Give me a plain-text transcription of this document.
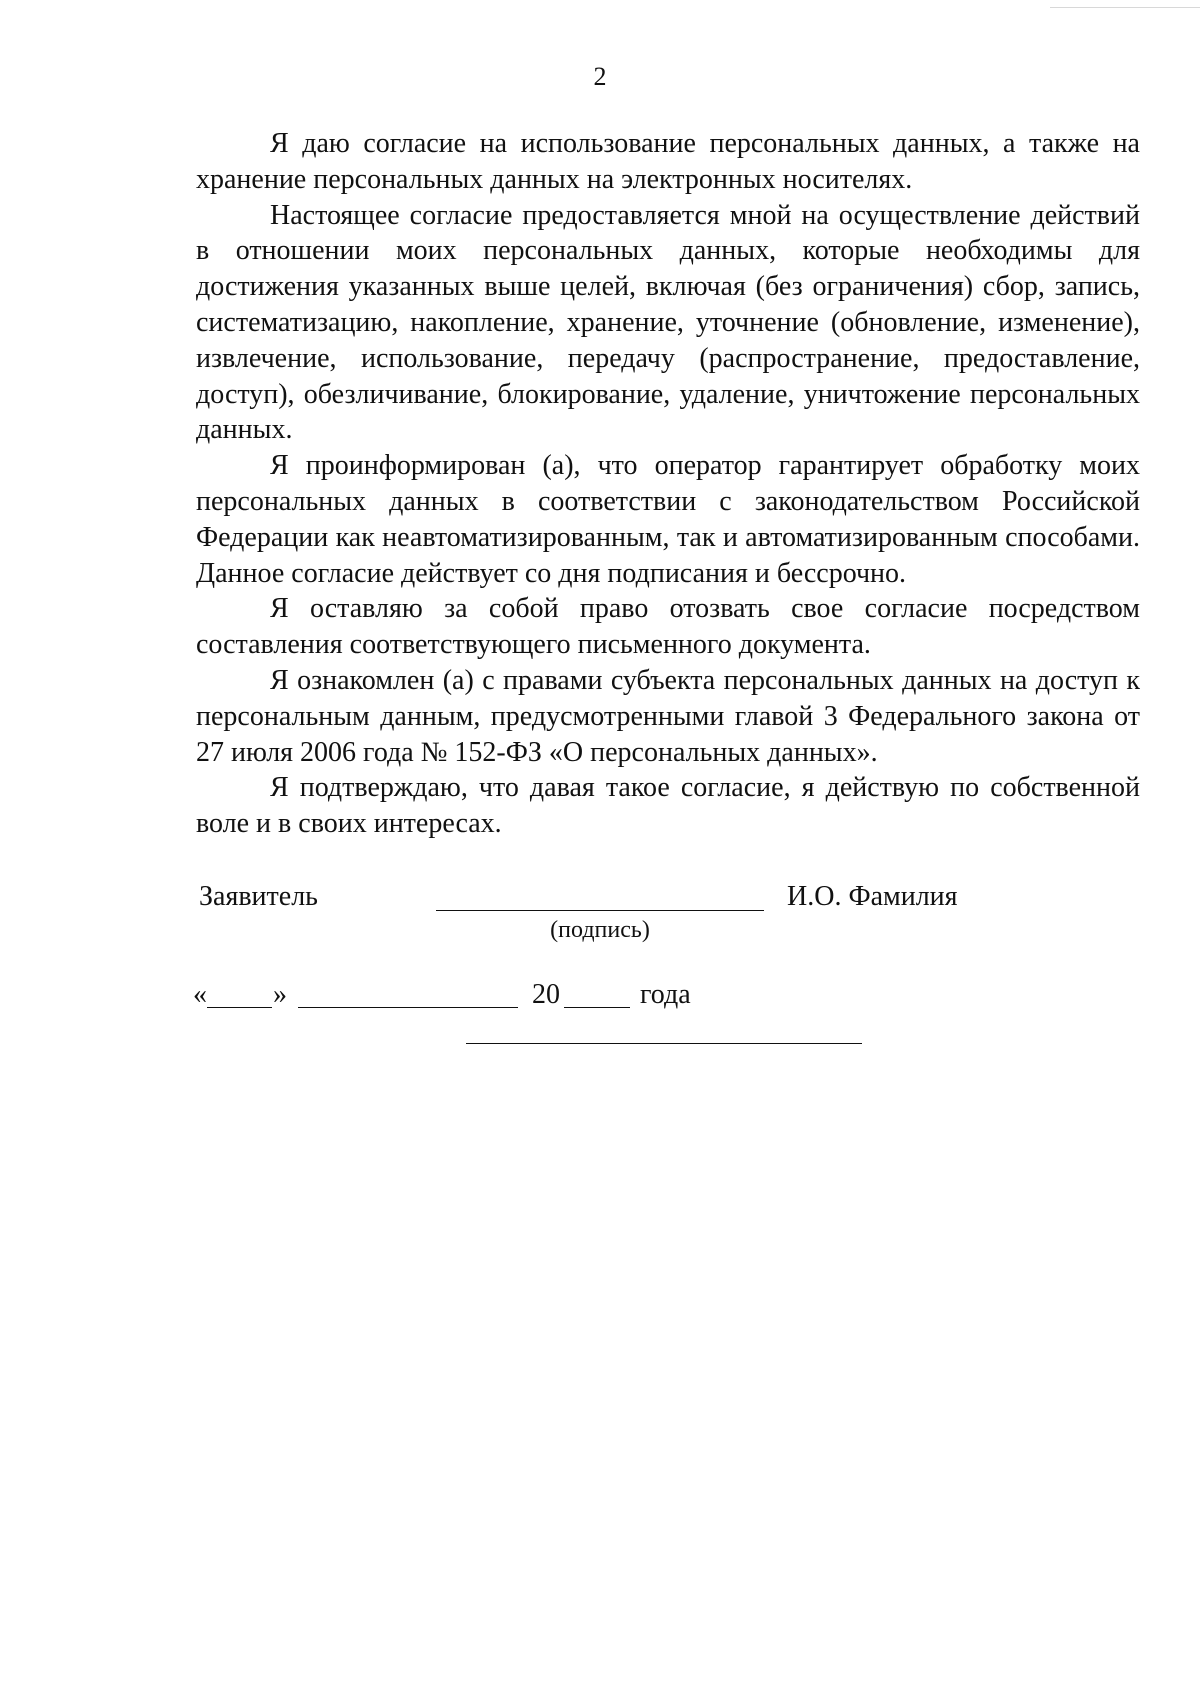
2

Я даю согласие на использование персональных данных, а также на хранение персональных данных на электронных носителях.

Настоящее согласие предоставляется мной на осуществление действий в отношении моих персональных данных, которые необходимы для достижения указанных выше целей, включая (без ограничения) сбор, запись, систематизацию, накопление, хранение, уточнение (обновление, изменение), извлечение, использование, передачу (распространение, предоставление, доступ), обезличивание, блокирование, удаление, уничтожение персональных данных.

Я проинформирован (а), что оператор гарантирует обработку моих персональных данных в соответствии с законодательством Российской Федерации как неавтоматизированным, так и автоматизированным способами. Данное согласие действует со дня подписания и бессрочно.

Я оставляю за собой право отозвать свое согласие посредством составления соответствующего письменного документа.

Я ознакомлен (а) с правами субъекта персональных данных на доступ к персональным данным, предусмотренными главой 3 Федерального закона от 27 июля 2006 года № 152-ФЗ «О персональных данных».

Я подтверждаю, что давая такое согласие, я действую по собственной воле и в своих интересах.

Заявитель
(подпись)
И.О. Фамилия
« »	20	года
